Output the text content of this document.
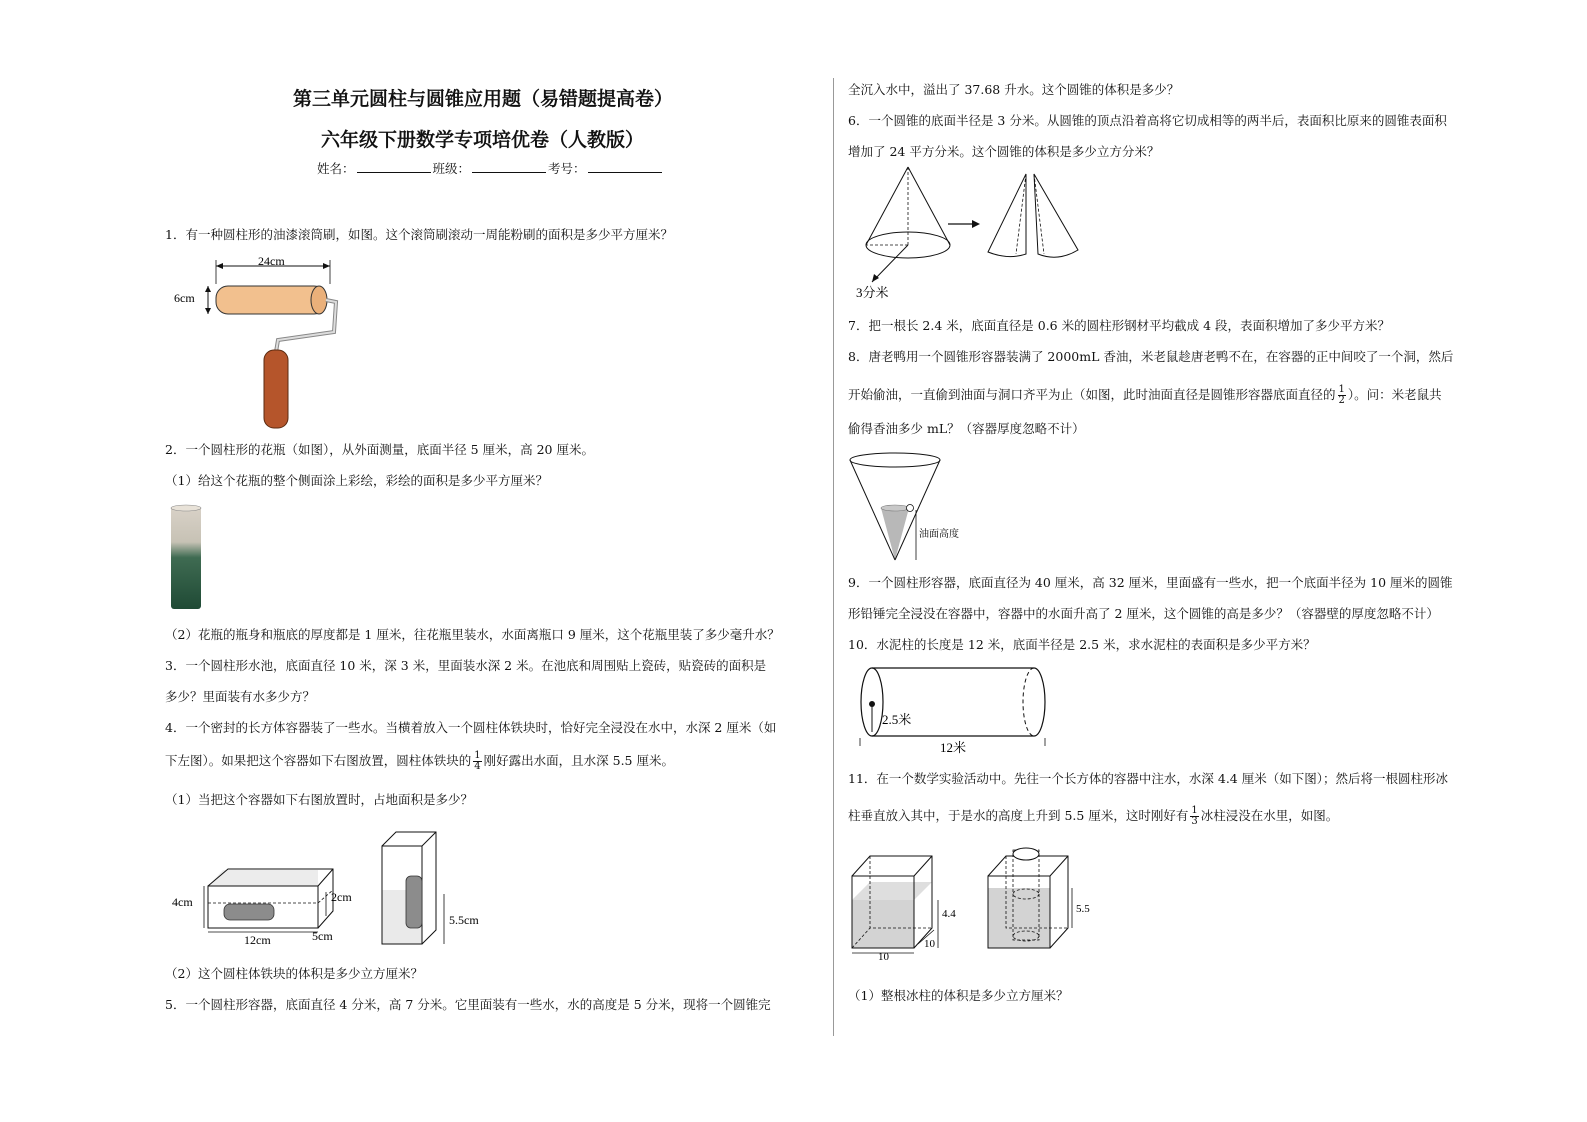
第三单元圆柱与圆锥应用题（易错题提高卷）
六年级下册数学专项培优卷（人教版）
姓名：	班级：	考号：
1．有一种圆柱形的油漆滚筒刷，如图。这个滚筒刷滚动一周能粉刷的面积是多少平方厘米？
24cm
6cm
2．一个圆柱形的花瓶（如图），从外面测量，底面半径 5 厘米，高 20 厘米。
（1）给这个花瓶的整个侧面涂上彩绘，彩绘的面积是多少平方厘米？
（2）花瓶的瓶身和瓶底的厚度都是 1 厘米，往花瓶里装水，水面离瓶口 9 厘米，这个花瓶里装了多少毫升水？
3．一个圆柱形水池，底面直径 10 米，深 3 米，里面装水深 2 米。在池底和周围贴上瓷砖，贴瓷砖的面积是
多少？里面装有水多少方？
4．一个密封的长方体容器装了一些水。当横着放入一个圆柱体铁块时，恰好完全浸没在水中，水深 2 厘米（如
下左图）。如果把这个容器如下右图放置，圆柱体铁块的 $\frac{1}{4}$ 刚好露出水面，且水深 5.5 厘米。
（1）当把这个容器如下右图放置时，占地面积是多少？
4cm	2cm
12cm	5cm
5.5cm
（2）这个圆柱体铁块的体积是多少立方厘米？
5．一个圆柱形容器，底面直径 4 分米，高 7 分米。它里面装有一些水，水的高度是 5 分米，现将一个圆锥完
全沉入水中，溢出了 37.68 升水。这个圆锥的体积是多少？
6．一个圆锥的底面半径是 3 分米。从圆锥的顶点沿着高将它切成相等的两半后，表面积比原来的圆锥表面积
增加了 24 平方分米。这个圆锥的体积是多少立方分米？
3分米
7．把一根长 2.4 米，底面直径是 0.6 米的圆柱形钢材平均截成 4 段，表面积增加了多少平方米？
8．唐老鸭用一个圆锥形容器装满了 2000mL 香油，米老鼠趁唐老鸭不在，在容器的正中间咬了一个洞，然后
开始偷油，一直偷到油面与洞口齐平为止（如图，此时油面直径是圆锥形容器底面直径的 $\frac{1}{2}$ ）。问：米老鼠共
偷得香油多少 mL？（容器厚度忽略不计）
油面高度
9．一个圆柱形容器，底面直径为 40 厘米，高 32 厘米，里面盛有一些水，把一个底面半径为 10 厘米的圆锥
形铅锤完全浸没在容器中，容器中的水面升高了 2 厘米，这个圆锥的高是多少？（容器壁的厚度忽略不计）
10．水泥柱的长度是 12 米，底面半径是 2.5 米，求水泥柱的表面积是多少平方米？
2.5米
12米
11．在一个数学实验活动中。先往一个长方体的容器中注水，水深 4.4 厘米（如下图）；然后将一根圆柱形冰
柱垂直放入其中，于是水的高度上升到 5.5 厘米，这时刚好有 $\frac{1}{3}$ 冰柱浸没在水里，如图。
4.4
10
10
5.5
（1）整根冰柱的体积是多少立方厘米？
